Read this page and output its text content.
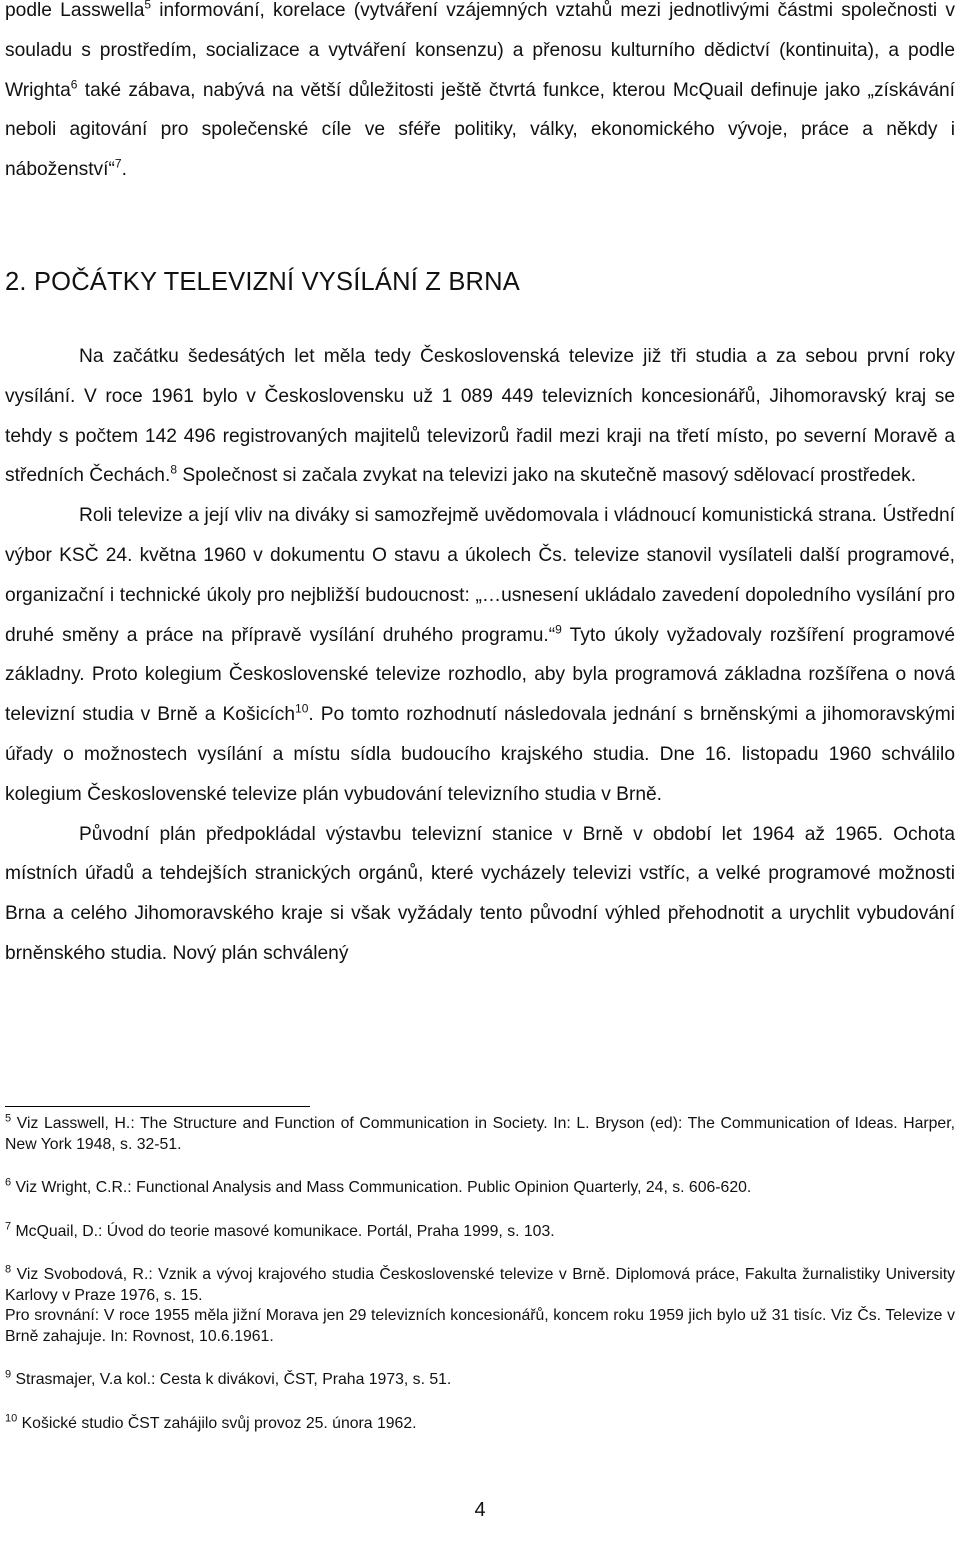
podle Lasswella$^5$ informování, korelace (vytváření vzájemných vztahů mezi jednotlivými částmi společnosti v souladu s prostředím, socializace a vytváření konsenzu) a přenosu kulturního dědictví (kontinuita), a podle Wrighta$^6$ také zábava, nabývá na větší důležitosti ještě čtvrtá funkce, kterou McQuail definuje jako „získávání neboli agitování pro společenské cíle ve sféře politiky, války, ekonomického vývoje, práce a někdy i náboženství“$^7$.

2. POČÁTKY TELEVIZNÍ VYSÍLÁNÍ Z BRNA

Na začátku šedesátých let měla tedy Československá televize již tři studia a za sebou první roky vysílání. V roce 1961 bylo v Československu už 1 089 449 televizních koncesionářů, Jihomoravský kraj se tehdy s počtem 142 496 registrovaných majitelů televizorů řadil mezi kraji na třetí místo, po severní Moravě a středních Čechách.$^8$ Společnost si začala zvykat na televizi jako na skutečně masový sdělovací prostředek.

Roli televize a její vliv na diváky si samozřejmě uvědomovala i vládnoucí komunistická strana. Ústřední výbor KSČ 24. května 1960 v dokumentu O stavu a úkolech Čs. televize stanovil vysílateli další programové, organizační i technické úkoly pro nejbližší budoucnost: „…usnesení ukládalo zavedení dopoledního vysílání pro druhé směny a práce na přípravě vysílání druhého programu.“$^9$ Tyto úkoly vyžadovaly rozšíření programové základny. Proto kolegium Československé televize rozhodlo, aby byla programová základna rozšířena o nová televizní studia v Brně a Košicích$^{10}$. Po tomto rozhodnutí následovala jednání s brněnskými a jihomoravskými úřady o možnostech vysílání a místu sídla budoucího krajského studia. Dne 16. listopadu 1960 schválilo kolegium Československé televize plán vybudování televizního studia v Brně.

Původní plán předpokládal výstavbu televizní stanice v Brně v období let 1964 až 1965. Ochota místních úřadů a tehdejších stranických orgánů, které vycházely televizi vstříc, a velké programové možnosti Brna a celého Jihomoravského kraje si však vyžádaly tento původní výhled přehodnotit a urychlit vybudování brněnského studia. Nový plán schválený

$^5$ Viz Lasswell, H.: The Structure and Function of Communication in Society. In: L. Bryson (ed): The Communication of Ideas. Harper, New York 1948, s. 32-51.

$^6$ Viz Wright, C.R.: Functional Analysis and Mass Communication. Public Opinion Quarterly, 24, s. 606-620.

$^7$ McQuail, D.: Úvod do teorie masové komunikace. Portál, Praha 1999, s. 103.

$^8$ Viz Svobodová, R.: Vznik a vývoj krajového studia Československé televize v Brně. Diplomová práce, Fakulta žurnalistiky University Karlovy v Praze 1976, s. 15.

Pro srovnání: V roce 1955 měla jižní Morava jen 29 televizních koncesionářů, koncem roku 1959 jich bylo už 31 tisíc. Viz Čs. Televize v Brně zahajuje. In: Rovnost, 10.6.1961.

$^9$ Strasmajer, V.a kol.: Cesta k divákovi, ČST, Praha 1973, s. 51.

$^{10}$ Košické studio ČST zahájilo svůj provoz 25. února 1962.

4
